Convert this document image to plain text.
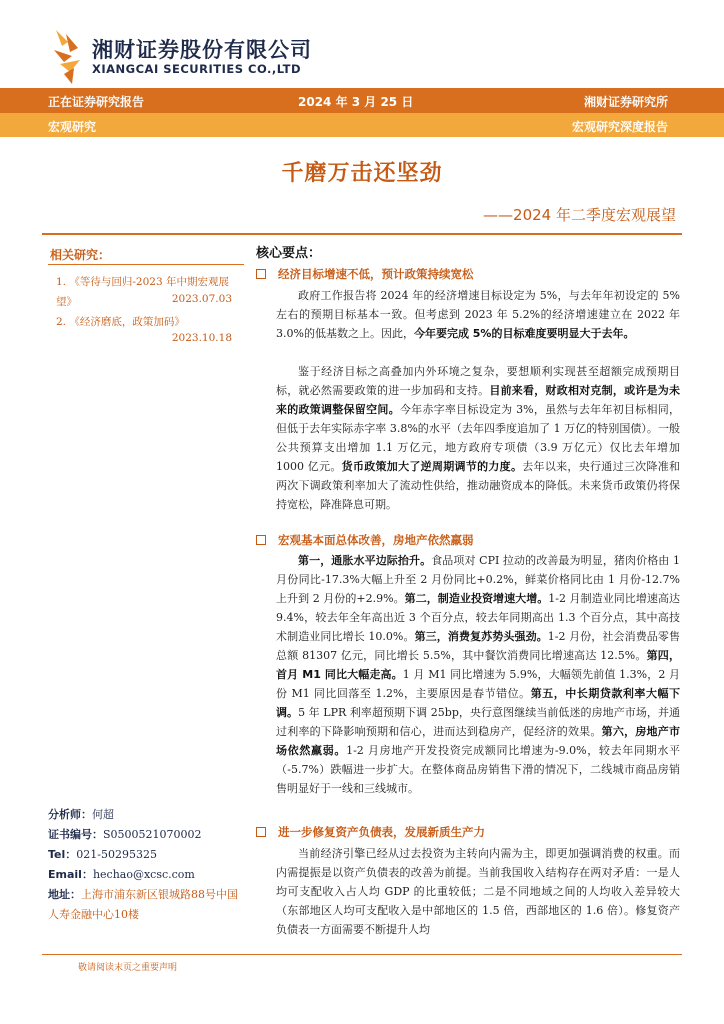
湘财证券股份有限公司
XIANGCAI SECURITIES CO.,LTD
正在证券研究报告	2024 年 3 月 25 日	湘财证券研究所
宏观研究	宏观研究深度报告
千磨万击还坚劲
——2024 年二季度宏观展望
相关研究：
1. 《等待与回归-2023 年中期宏观展望》	2023.07.03
2. 《经济磨底，政策加码》
2023.10.18
分析师：何超
证书编号：S0500521070002
Tel：021-50295325
Email：hechao@xcsc.com
地址：上海市浦东新区银城路88号中国人寿金融中心10楼
核心要点：
经济目标增速不低，预计政策持续宽松

政府工作报告将 2024 年的经济增速目标设定为 5%，与去年年初设定的 5%左右的预期目标基本一致。但考虑到 2023 年 5.2%的经济增速建立在 2022 年 3.0%的低基数之上。因此，今年要完成 5%的目标难度要明显大于去年。

鉴于经济目标之高叠加内外环境之复杂，要想顺利实现甚至超额完成预期目标，就必然需要政策的进一步加码和支持。目前来看，财政相对克制，或许是为未来的政策调整保留空间。今年赤字率目标设定为 3%，虽然与去年年初目标相同，但低于去年实际赤字率 3.8%的水平（去年四季度追加了 1 万亿的特别国债）。一般公共预算支出增加 1.1 万亿元，地方政府专项债（3.9 万亿元）仅比去年增加 1000 亿元。货币政策加大了逆周期调节的力度。去年以来，央行通过三次降准和两次下调政策利率加大了流动性供给，推动融资成本的降低。未来货币政策仍将保持宽松，降准降息可期。

宏观基本面总体改善，房地产依然羸弱

第一，通胀水平边际抬升。食品项对 CPI 拉动的改善最为明显，猪肉价格由 1 月份同比-17.3%大幅上升至 2 月份同比+0.2%，鲜菜价格同比由 1 月份-12.7%上升到 2 月份的+2.9%。第二，制造业投资增速大增。1-2 月制造业同比增速高达 9.4%，较去年全年高出近 3 个百分点，较去年同期高出 1.3 个百分点，其中高技术制造业同比增长 10.0%。第三，消费复苏势头强劲。1-2 月份，社会消费品零售总额 81307 亿元，同比增长 5.5%，其中餐饮消费同比增速高达 12.5%。第四，首月 M1 同比大幅走高。1 月 M1 同比增速为 5.9%，大幅领先前值 1.3%，2 月份 M1 同比回落至 1.2%，主要原因是春节错位。第五，中长期贷款利率大幅下调。5 年 LPR 利率超预期下调 25bp，央行意图继续当前低迷的房地产市场，并通过利率的下降影响预期和信心，进而达到稳房产，促经济的效果。第六，房地产市场依然羸弱。1-2 月房地产开发投资完成额同比增速为-9.0%，较去年同期水平（-5.7%）跌幅进一步扩大。在整体商品房销售下滑的情况下，二线城市商品房销售明显好于一线和三线城市。

进一步修复资产负债表，发展新质生产力

当前经济引擎已经从过去投资为主转向内需为主，即更加强调消费的权重。而内需提振是以资产负债表的改善为前提。当前我国收入结构存在两对矛盾：一是人均可支配收入占人均 GDP 的比重较低；二是不同地域之间的人均收入差异较大（东部地区人均可支配收入是中部地区的 1.5 倍，西部地区的 1.6 倍）。修复资产负债表一方面需要不断提升人均

敬请阅读末页之重要声明
